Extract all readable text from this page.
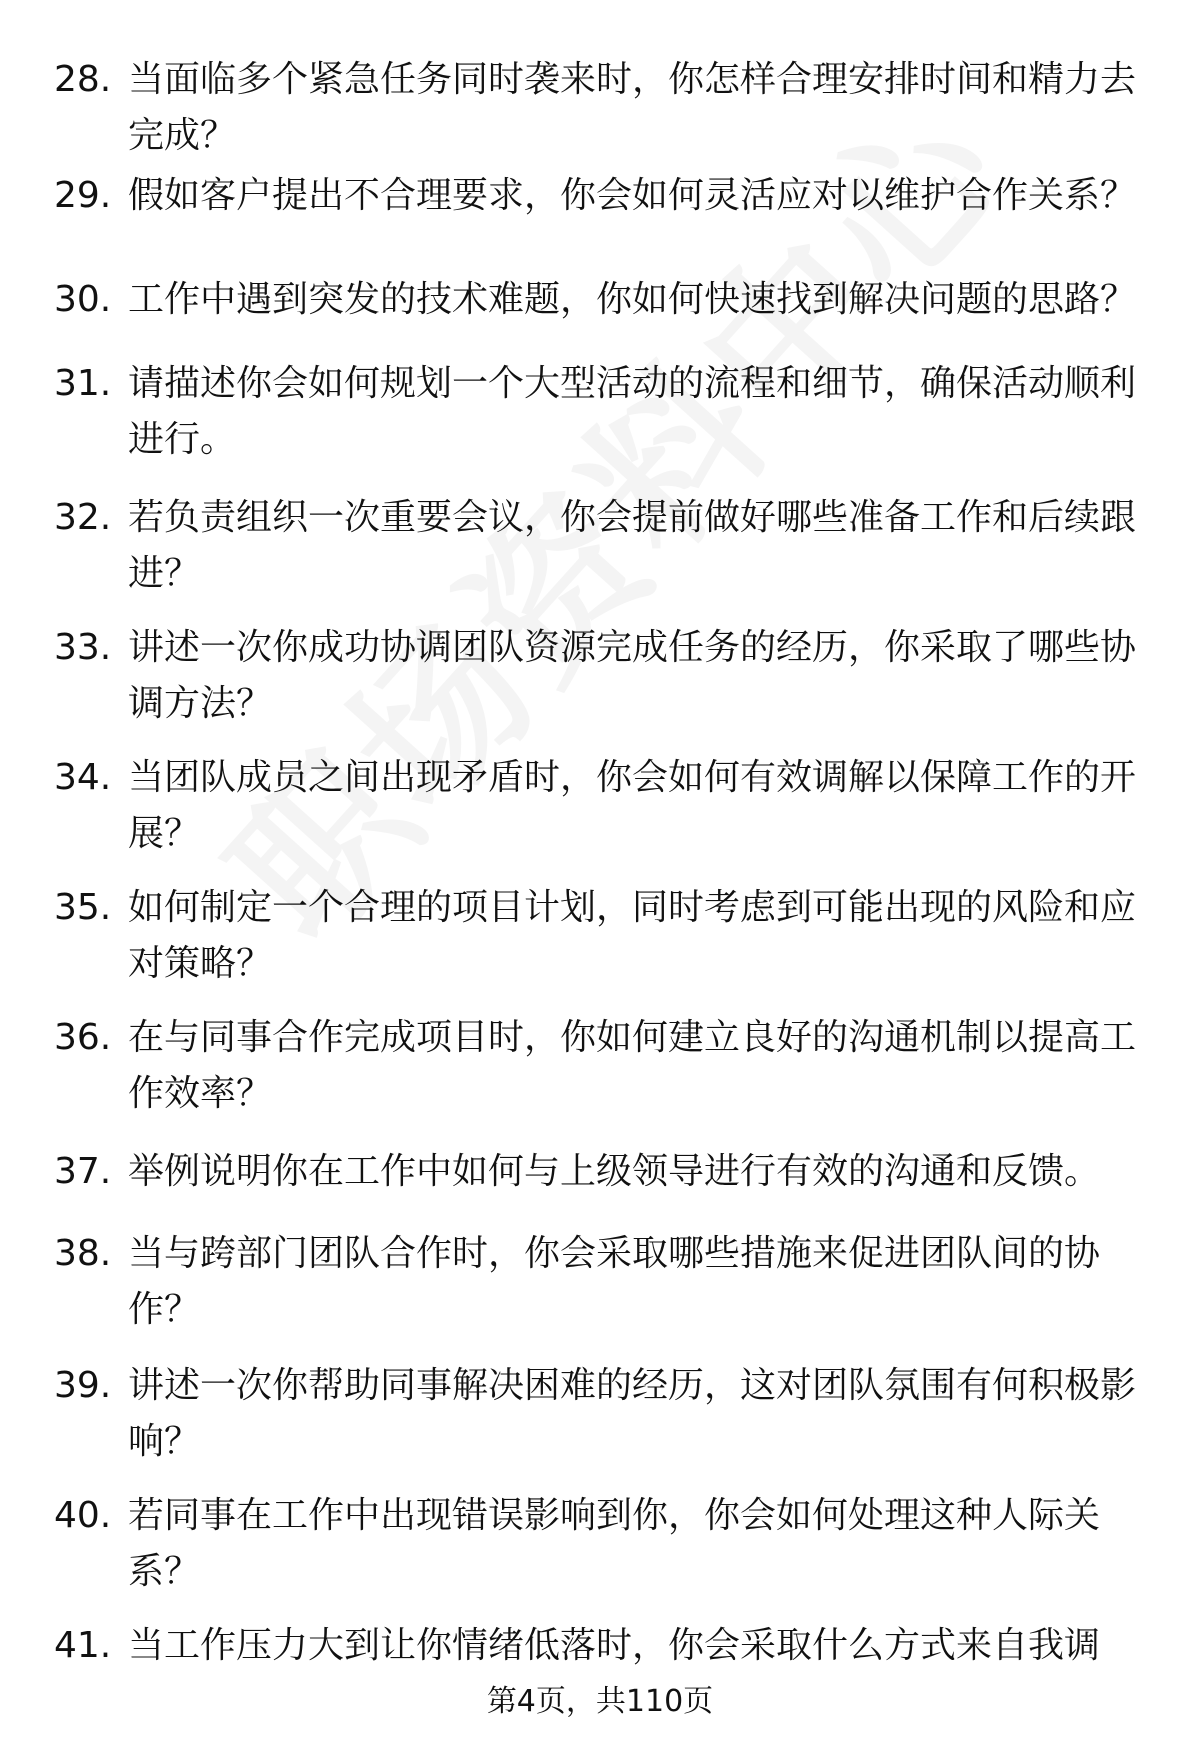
28. 当面临多个紧急任务同时袭来时，你怎样合理安排时间和精力去完成？
29. 假如客户提出不合理要求，你会如何灵活应对以维护合作关系？
30. 工作中遇到突发的技术难题，你如何快速找到解决问题的思路？
31. 请描述你会如何规划一个大型活动的流程和细节，确保活动顺利进行。
32. 若负责组织一次重要会议，你会提前做好哪些准备工作和后续跟进？
33. 讲述一次你成功协调团队资源完成任务的经历，你采取了哪些协调方法？
34. 当团队成员之间出现矛盾时，你会如何有效调解以保障工作的开展？
35. 如何制定一个合理的项目计划，同时考虑到可能出现的风险和应对策略？
36. 在与同事合作完成项目时，你如何建立良好的沟通机制以提高工作效率？
37. 举例说明你在工作中如何与上级领导进行有效的沟通和反馈。
38. 当与跨部门团队合作时，你会采取哪些措施来促进团队间的协作？
39. 讲述一次你帮助同事解决困难的经历，这对团队氛围有何积极影响？
40. 若同事在工作中出现错误影响到你，你会如何处理这种人际关系？
41. 当工作压力大到让你情绪低落时，你会采取什么方式来自我调
第4页，共110页
